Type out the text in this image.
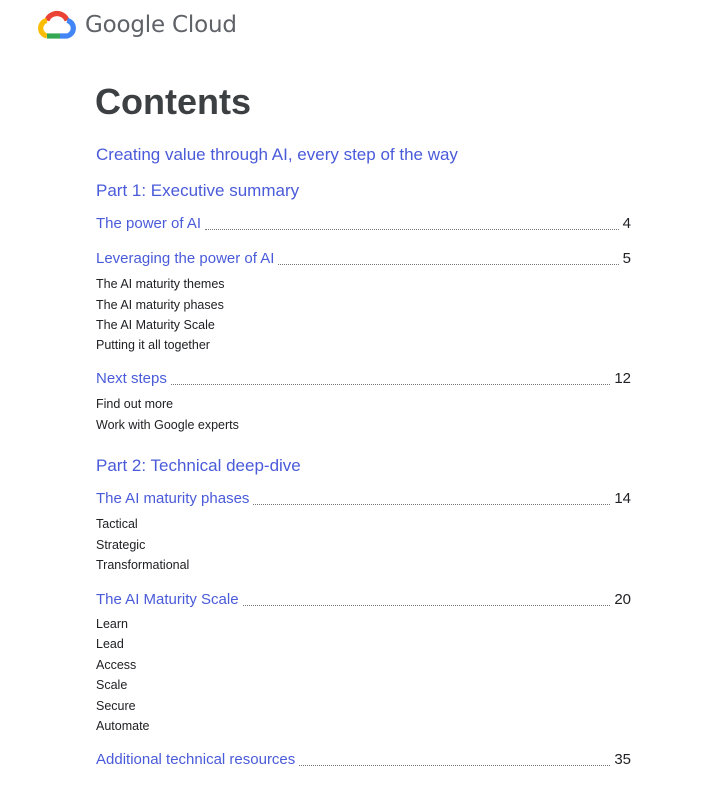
Google Cloud
Contents
Creating value through AI, every step of the way
Part 1: Executive summary
The power of AI	4
Leveraging the power of AI	5
The AI maturity themes
The AI maturity phases
The AI Maturity Scale
Putting it all together
Next steps	12
Find out more
Work with Google experts
Part 2: Technical deep-dive
The AI maturity phases	14
Tactical
Strategic
Transformational
The AI Maturity Scale	20
Learn
Lead
Access
Scale
Secure
Automate
Additional technical resources	35
